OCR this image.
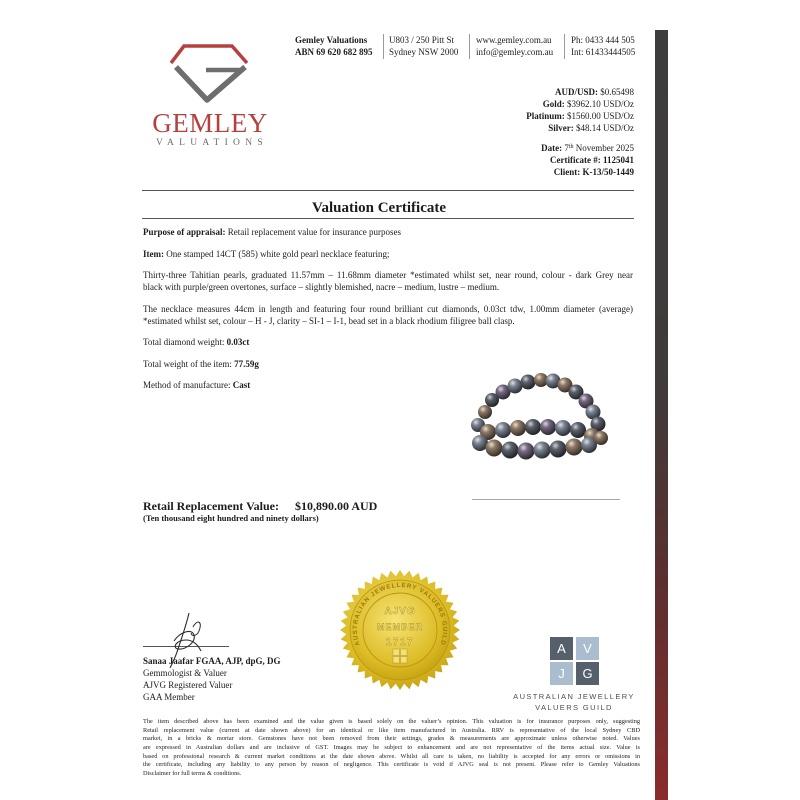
GEMLEY
VALUATIONS
Gemley Valuations
ABN 69 620 682 895
U803 / 250 Pitt St
Sydney NSW 2000
www.gemley.com.au
info@gemley.com.au
Ph: 0433 444 505
Int: 61433444505
AUD/USD: $0.65498
Gold: $3962.10 USD/Oz
Platinum: $1560.00 USD/Oz
Silver: $48.14 USD/Oz
Date: 7th November 2025
Certificate #: 1125041
Client: K-13/50-1449
Valuation Certificate
Purpose of appraisal: Retail replacement value for insurance purposes
Item: One stamped 14CT (585) white gold pearl necklace featuring;
Thirty-three Tahitian pearls, graduated 11.57mm – 11.68mm diameter *estimated whilst set, near round, colour - dark Grey near
black with purple/green overtones, surface – slightly blemished, nacre – medium, lustre – medium.
The necklace measures 44cm in length and featuring four round brilliant cut diamonds, 0.03ct tdw, 1.00mm diameter (average)
*estimated whilst set, colour – H - J, clarity – SI-1 – I-1, bead set in a black rhodium filigree ball clasp.
Total diamond weight: 0.03ct
Total weight of the item: 77.59g
Method of manufacture: Cast
Retail Replacement Value: $10,890.00 AUD
(Ten thousand eight hundred and ninety dollars)
Sanaa Jaafar FGAA, AJP, dpG, DG
Gemmologist & Valuer
AJVG Registered Valuer
GAA Member
AUSTRALIAN JEWELLERY VALUERS GUILD
AJVG
MEMBER
1717	A	V
J	G
AUSTRALIAN JEWELLERY
VALUERS GUILD
The item described above has been examined and the value given is based solely on the valuer’s opinion. This valuation is for insurance purposes only, suggesting
Retail replacement value (current at date shown above) for an identical or like item manufactured in Australia. RRV is representative of the local Sydney CBD
market, in a bricks & mortar store. Gemstones have not been removed from their settings, grades & measurements are approximate unless otherwise noted. Values
are expressed in Australian dollars and are inclusive of GST. Images may be subject to enhancement and are not representative of the items actual size. Value is
based on professional research & current market conditions at the date shown above. Whilst all care is taken, no liability is accepted for any errors or omissions in
the certificate, including any liability to any person by reason of negligence. This certificate is void if AJVG seal is not present. Please refer to Gemley Valuations
Disclaimer for full terms & conditions.
